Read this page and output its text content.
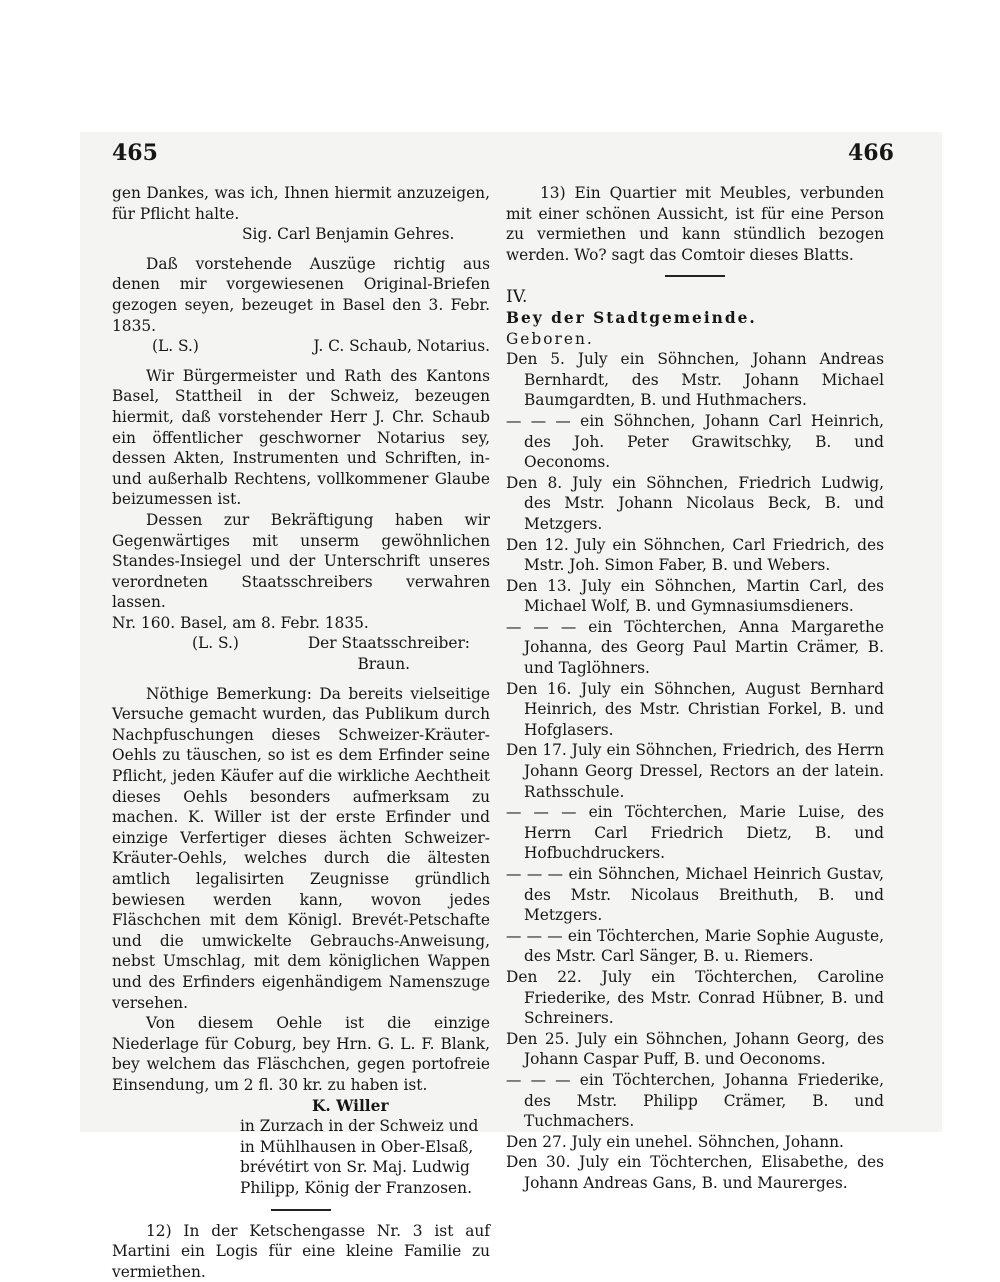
465	466

gen Dankes, was ich, Ihnen hiermit anzuzeigen, für Pflicht halte.

Sig. Carl Benjamin Gehres.

Daß vorstehende Auszüge richtig aus denen mir vorgewiesenen Original-Briefen gezogen seyen, bezeuget in Basel den 3. Febr. 1835.

(L. S.)	J. C. Schaub, Notarius.

Wir Bürgermeister und Rath des Kantons Basel, Stattheil in der Schweiz, bezeugen hiermit, daß vorstehender Herr J. Chr. Schaub ein öffentlicher geschworner Notarius sey, dessen Akten, Instrumenten und Schriften, in- und außerhalb Rechtens, vollkommener Glaube beizumessen ist.

Dessen zur Bekräftigung haben wir Gegenwärtiges mit unserm gewöhnlichen Standes-Insiegel und der Unterschrift unseres verordneten Staatsschreibers verwahren lassen.

Nr. 160. Basel, am 8. Febr. 1835.

(L. S.)	Der Staatsschreiber:

Braun.

Nöthige Bemerkung: Da bereits vielseitige Versuche gemacht wurden, das Publikum durch Nachpfuschungen dieses Schweizer-Kräuter-Oehls zu täuschen, so ist es dem Erfinder seine Pflicht, jeden Käufer auf die wirkliche Aechtheit dieses Oehls besonders aufmerksam zu machen. K. Willer ist der erste Erfinder und einzige Verfertiger dieses ächten Schweizer-Kräuter-Oehls, welches durch die ältesten amtlich legalisirten Zeugnisse gründlich bewiesen werden kann, wovon jedes Fläschchen mit dem Königl. Brevét-Petschafte und die umwickelte Gebrauchs-Anweisung, nebst Umschlag, mit dem königlichen Wappen und des Erfinders eigenhändigem Namenszuge versehen.

Von diesem Oehle ist die einzige Niederlage für Coburg, bey Hrn. G. L. F. Blank, bey welchem das Fläschchen, gegen portofreie Einsendung, um 2 fl. 30 kr. zu haben ist.

K. Willer

in Zurzach in der Schweiz und in Mühlhausen in Ober-Elsaß, brévétirt von Sr. Maj. Ludwig Philipp, König der Franzosen.

12) In der Ketschengasse Nr. 3 ist auf Martini ein Logis für eine kleine Familie zu vermiethen.

13) Ein Quartier mit Meubles, verbunden mit einer schönen Aussicht, ist für eine Person zu vermiethen und kann stündlich bezogen werden. Wo? sagt das Comtoir dieses Blatts.

IV.

Bey der Stadtgemeinde.

Geboren.

Den 5. July ein Söhnchen, Johann Andreas Bernhardt, des Mstr. Johann Michael Baumgardten, B. und Huthmachers.

— — — ein Söhnchen, Johann Carl Heinrich, des Joh. Peter Grawitschky, B. und Oeconoms.

Den 8. July ein Söhnchen, Friedrich Ludwig, des Mstr. Johann Nicolaus Beck, B. und Metzgers.

Den 12. July ein Söhnchen, Carl Friedrich, des Mstr. Joh. Simon Faber, B. und Webers.

Den 13. July ein Söhnchen, Martin Carl, des Michael Wolf, B. und Gymnasiumsdieners.

— — — ein Töchterchen, Anna Margarethe Johanna, des Georg Paul Martin Crämer, B. und Taglöhners.

Den 16. July ein Söhnchen, August Bernhard Heinrich, des Mstr. Christian Forkel, B. und Hofglasers.

Den 17. July ein Söhnchen, Friedrich, des Herrn Johann Georg Dressel, Rectors an der latein. Rathsschule.

— — — ein Töchterchen, Marie Luise, des Herrn Carl Friedrich Dietz, B. und Hofbuchdruckers.

— — — ein Söhnchen, Michael Heinrich Gustav, des Mstr. Nicolaus Breithuth, B. und Metzgers.

— — — ein Töchterchen, Marie Sophie Auguste, des Mstr. Carl Sänger, B. u. Riemers.

Den 22. July ein Töchterchen, Caroline Friederike, des Mstr. Conrad Hübner, B. und Schreiners.

Den 25. July ein Söhnchen, Johann Georg, des Johann Caspar Puff, B. und Oeconoms.

— — — ein Töchterchen, Johanna Friederike, des Mstr. Philipp Crämer, B. und Tuchmachers.

Den 27. July ein unehel. Söhnchen, Johann.

Den 30. July ein Töchterchen, Elisabethe, des Johann Andreas Gans, B. und Maurerges.
